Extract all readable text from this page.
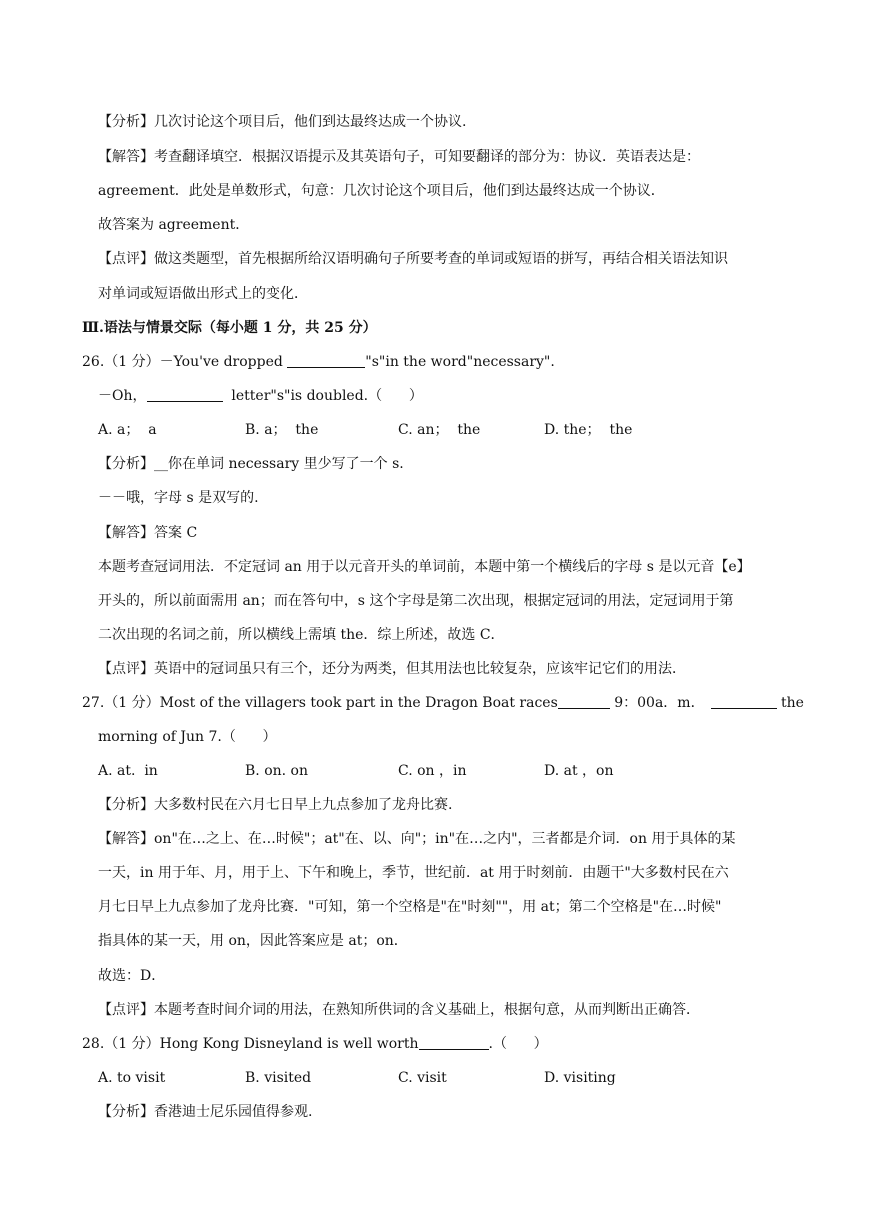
【分析】几次讨论这个项目后，他们到达最终达成一个协议.
【解答】考查翻译填空．根据汉语提示及其英语句子，可知要翻译的部分为：协议．英语表达是：
agreement．此处是单数形式，句意：几次讨论这个项目后，他们到达最终达成一个协议．
故答案为 agreement．
【点评】做这类题型，首先根据所给汉语明确句子所要考查的单词或短语的拼写，再结合相关语法知识
对单词或短语做出形式上的变化．
Ⅲ.语法与情景交际（每小题 1 分，共 25 分）
26.（1 分）－You've dropped	"s"in the word"necessary".
－Oh，	letter"s"is doubled.（      ）
A. a；  a	B. a；  the	C. an；  the	D. the；  the
【分析】__你在单词 necessary 里少写了一个 s.
－－哦，字母 s 是双写的.
【解答】答案 C
本题考查冠词用法．不定冠词 an 用于以元音开头的单词前，本题中第一个横线后的字母 s 是以元音【e】
开头的，所以前面需用 an；而在答句中，s 这个字母是第二次出现，根据定冠词的用法，定冠词用于第
二次出现的名词之前，所以横线上需填 the．综上所述，故选 C．
【点评】英语中的冠词虽只有三个，还分为两类，但其用法也比较复杂，应该牢记它们的用法．
27.（1 分）Most of the villagers took part in the Dragon Boat races	9：00a．m．	the
morning of Jun 7.（      ）
A. at.  in	B. on. on	C. on ，in	D. at ，on
【分析】大多数村民在六月七日早上九点参加了龙舟比赛.
【解答】on"在…之上、在…时候"；at"在、以、向"；in"在…之内"，三者都是介词．on 用于具体的某
一天，in 用于年、月，用于上、下午和晚上，季节，世纪前．at 用于时刻前．由题干"大多数村民在六
月七日早上九点参加了龙舟比赛．"可知，第一个空格是"在"时刻""，用 at；第二个空格是"在…时候"
指具体的某一天，用 on，因此答案应是 at；on．
故选：D．
【点评】本题考查时间介词的用法，在熟知所供词的含义基础上，根据句意，从而判断出正确答．
28.（1 分）Hong Kong Disneyland is well worth	.（      ）
A. to visit	B. visited	C. visit	D. visiting
【分析】香港迪士尼乐园值得参观.
